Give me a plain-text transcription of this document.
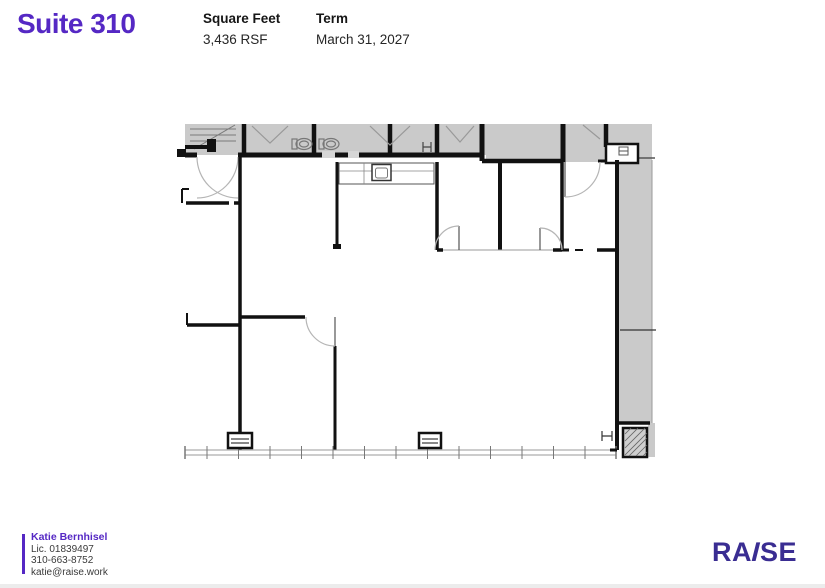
Suite 310	Square Feet
3,436 RSF
Term
March 31, 2027
Katie Bernhisel
Lic. 01839497
310-663-8752
katie@raise.work
RA
I
SE
